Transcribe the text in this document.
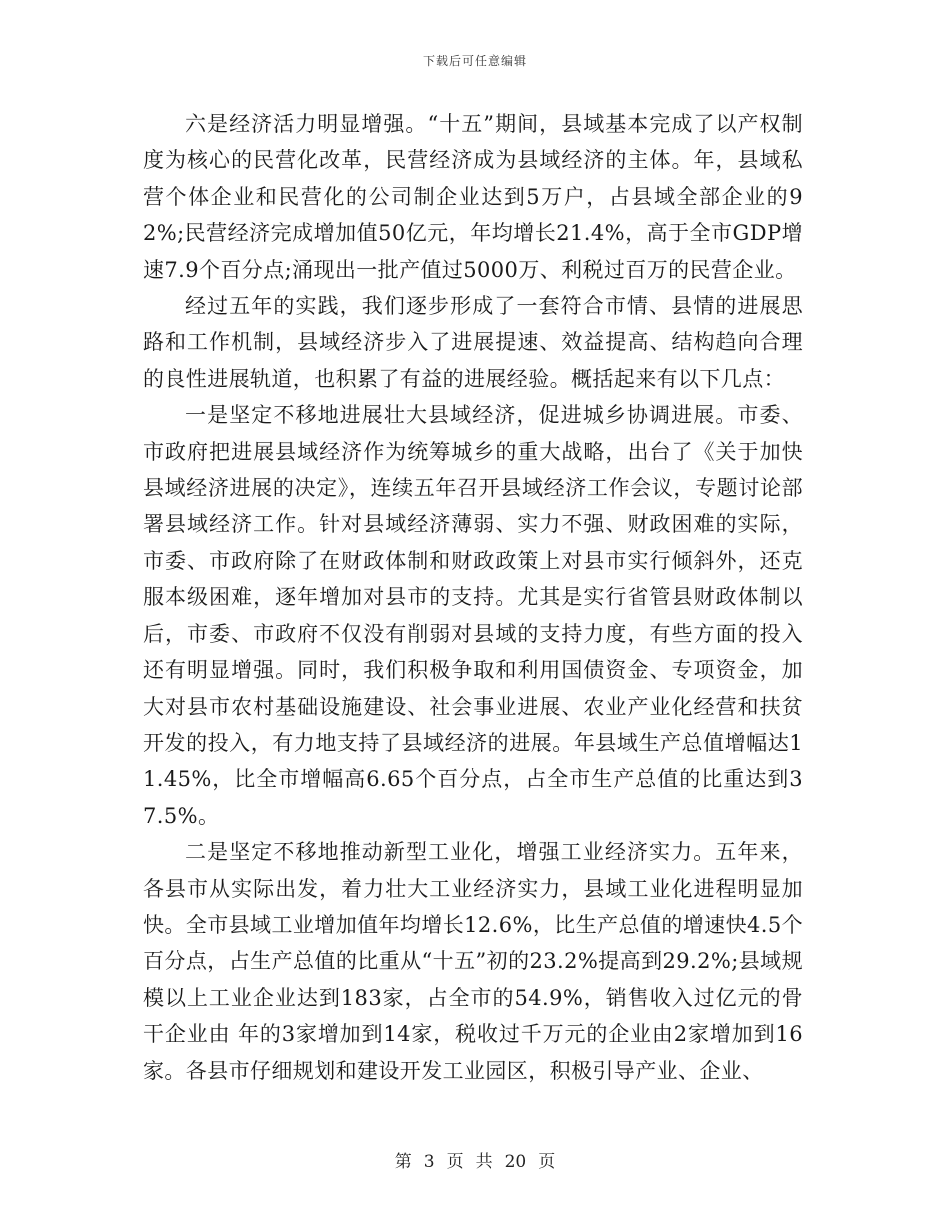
下载后可任意编辑

六是经济活力明显增强。“十五”期间，县域基本完成了以产权制度为核心的民营化改革，民营经济成为县域经济的主体。年，县域私营个体企业和民营化的公司制企业达到5万户，占县域全部企业的92%;民营经济完成增加值50亿元，年均增长21.4%，高于全市GDP增速7.9个百分点;涌现出一批产值过5000万、利税过百万的民营企业。

经过五年的实践，我们逐步形成了一套符合市情、县情的进展思路和工作机制，县域经济步入了进展提速、效益提高、结构趋向合理的良性进展轨道，也积累了有益的进展经验。概括起来有以下几点：

一是坚定不移地进展壮大县域经济，促进城乡协调进展。市委、市政府把进展县域经济作为统筹城乡的重大战略，出台了《关于加快县域经济进展的决定》，连续五年召开县域经济工作会议，专题讨论部署县域经济工作。针对县域经济薄弱、实力不强、财政困难的实际，市委、市政府除了在财政体制和财政政策上对县市实行倾斜外，还克服本级困难，逐年增加对县市的支持。尤其是实行省管县财政体制以后，市委、市政府不仅没有削弱对县域的支持力度，有些方面的投入还有明显增强。同时，我们积极争取和利用国债资金、专项资金，加大对县市农村基础设施建设、社会事业进展、农业产业化经营和扶贫开发的投入，有力地支持了县域经济的进展。年县域生产总值增幅达11.45%，比全市增幅高6.65个百分点，占全市生产总值的比重达到37.5%。

二是坚定不移地推动新型工业化，增强工业经济实力。五年来，各县市从实际出发，着力壮大工业经济实力，县域工业化进程明显加快。全市县域工业增加值年均增长12.6%，比生产总值的增速快4.5个百分点，占生产总值的比重从“十五”初的23.2%提高到29.2%;县域规模以上工业企业达到183家，占全市的54.9%，销售收入过亿元的骨干企业由 年的3家增加到14家，税收过千万元的企业由2家增加到16家。各县市仔细规划和建设开发工业园区，积极引导产业、企业、

第 3 页 共 20 页
